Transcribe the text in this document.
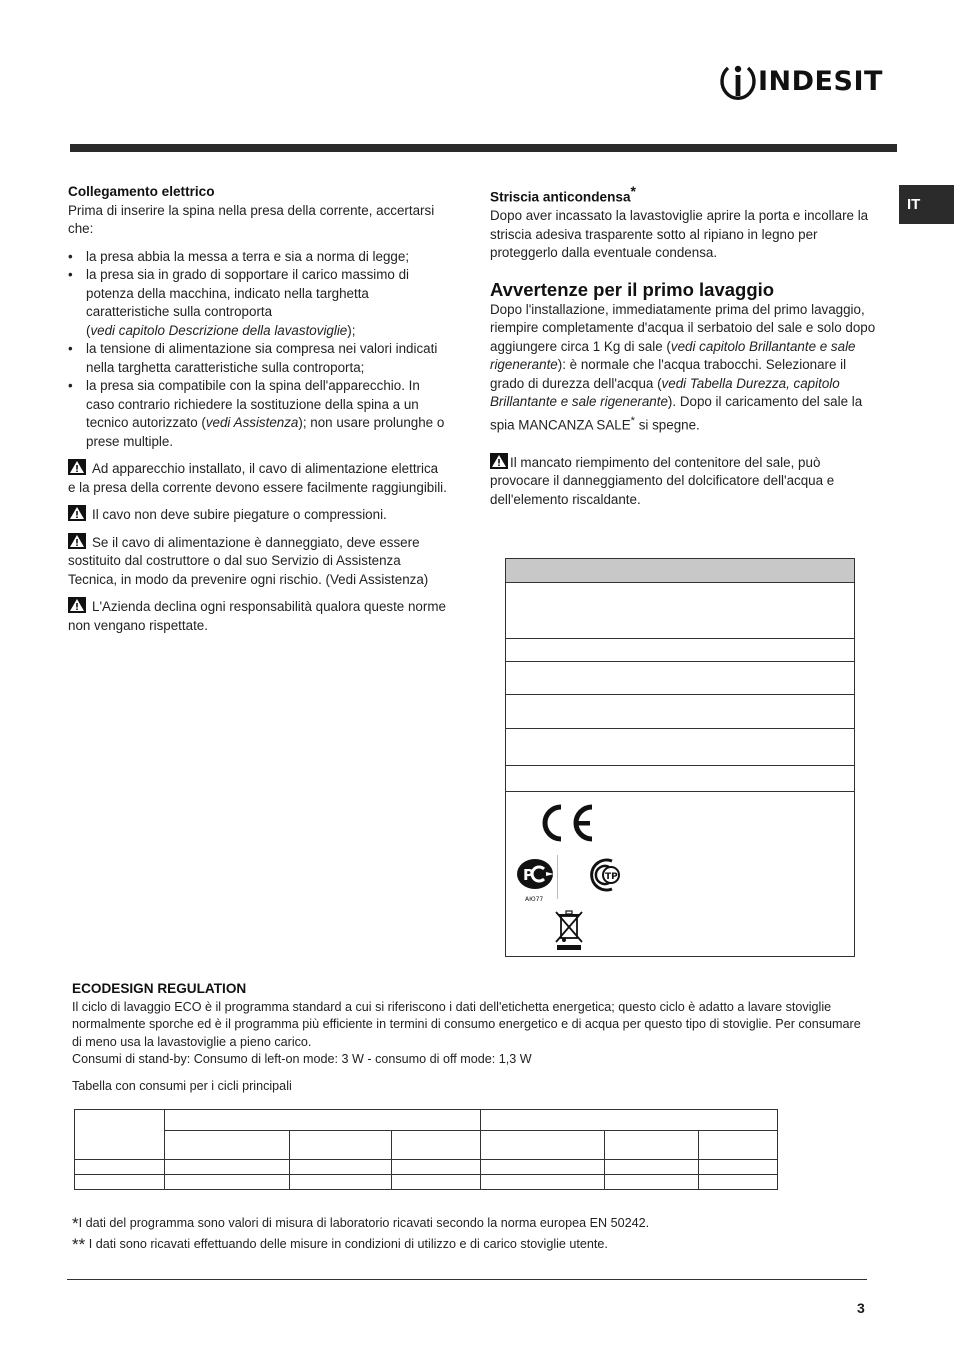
INDESIT
IT

Collegamento elettrico

Prima di inserire la spina nella presa della corrente, accertarsi che:

• la presa abbia la messa a terra e sia a norma di legge;
• la presa sia in grado di sopportare il carico massimo di potenza della macchina, indicato nella targhetta caratteristiche sulla controporta
(vedi capitolo Descrizione della lavastoviglie);
• la tensione di alimentazione sia compresa nei valori indicati nella targhetta caratteristiche sulla controporta;
• la presa sia compatibile con la spina dell'apparecchio. In caso contrario richiedere la sostituzione della spina a un tecnico autorizzato (vedi Assistenza); non usare prolunghe o prese multiple.

Ad apparecchio installato, il cavo di alimentazione elettrica e la presa della corrente devono essere facilmente raggiungibili.

Il cavo non deve subire piegature o compressioni.

Se il cavo di alimentazione è danneggiato, deve essere sostituito dal costruttore o dal suo Servizio di Assistenza Tecnica, in modo da prevenire ogni rischio. (Vedi Assistenza)

L'Azienda declina ogni responsabilità qualora queste norme non vengano rispettate.

Striscia anticondensa*

Dopo aver incassato la lavastoviglie aprire la porta e incollare la striscia adesiva trasparente sotto al ripiano in legno per proteggerlo dalla eventuale condensa.

Avvertenze per il primo lavaggio

Dopo l'installazione, immediatamente prima del primo lavaggio, riempire completamente d'acqua il serbatoio del sale e solo dopo aggiungere circa 1 Kg di sale (vedi capitolo Brillantante e sale rigenerante): è normale che l'acqua trabocchi. Selezionare il grado di durezza dell'acqua (vedi Tabella Durezza, capitolo Brillantante e sale rigenerante). Dopo il caricamento del sale la spia MANCANZA SALE* si spegne.

Il mancato riempimento del contenitore del sale, può provocare il danneggiamento del dolcificatore dell'acqua e dell'elemento riscaldante.

P
AЮ77
TP

ECODESIGN REGULATION

Il ciclo di lavaggio ECO è il programma standard a cui si riferiscono i dati dell'etichetta energetica; questo ciclo è adatto a lavare stoviglie normalmente sporche ed è il programma più efficiente in termini di consumo energetico e di acqua per questo tipo di stoviglie. Per consumare di meno usa la lavastoviglie a pieno carico.

Consumi di stand-by: Consumo di left-on mode: 3 W - consumo di off mode: 1,3 W

Tabella con consumi per i cicli principali

*I dati del programma sono valori di misura di laboratorio ricavati secondo la norma europea EN 50242.
** I dati sono ricavati effettuando delle misure in condizioni di utilizzo e di carico stoviglie utente.
3
